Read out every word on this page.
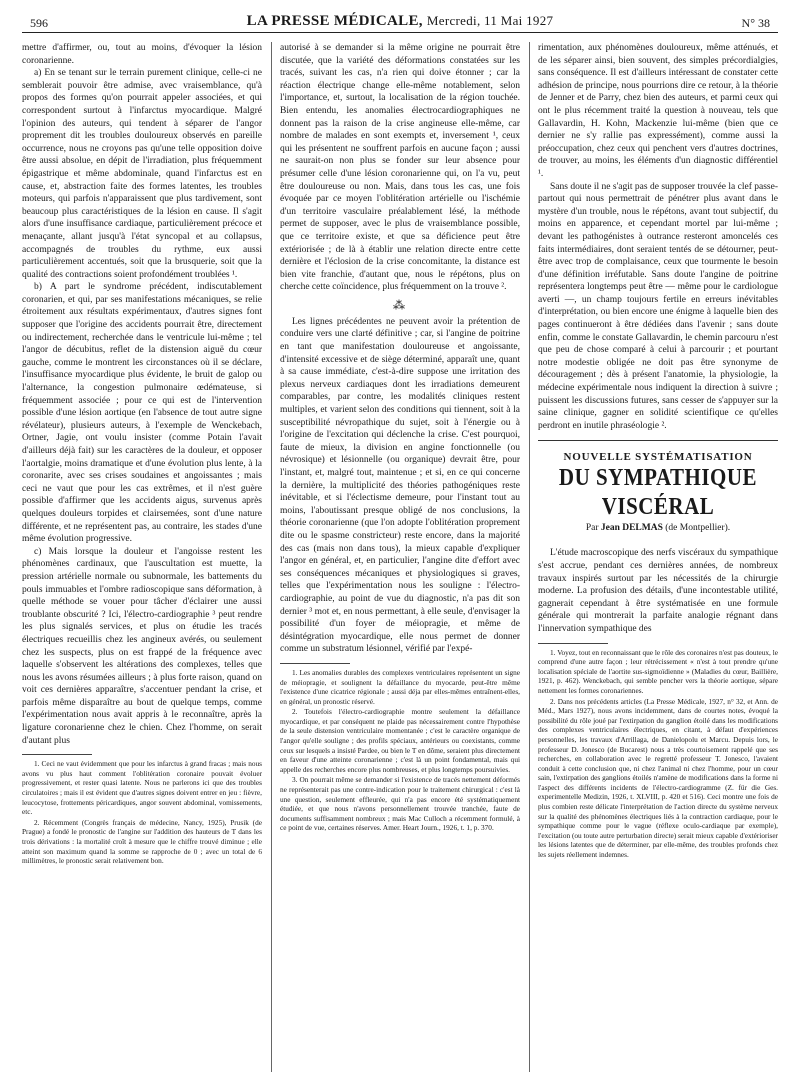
596	LA PRESSE MÉDICALE, Mercredi, 11 Mai 1927	N° 38

mettre d'affirmer, ou, tout au moins, d'évoquer la lésion coronarienne.

a) En se tenant sur le terrain purement clinique, celle-ci ne semblerait pouvoir être admise, avec vraisemblance, qu'à propos des formes qu'on pourrait appeler associées, et qui correspondent surtout à l'infarctus myocardique. Malgré l'opinion des auteurs, qui tendent à séparer de l'angor proprement dit les troubles douloureux observés en pareille occurrence, nous ne croyons pas qu'une telle opposition doive être aussi absolue, en dépit de l'irradiation, plus fréquemment épigastrique et même abdominale, quand l'infarctus est en cause, et, abstraction faite des formes latentes, les troubles moteurs, qui parfois n'apparaissent que plus tardivement, sont beaucoup plus caractéristiques de la lésion en cause. Il s'agit alors d'une insuffisance cardiaque, particulièrement précoce et menaçante, allant jusqu'à l'état syncopal et au collapsus, accompagnés de troubles du rythme, eux aussi particulièrement accentués, soit que la brusquerie, soit que la qualité des contractions soient profondément troublées ¹.

b) A part le syndrome précédent, indiscutablement coronarien, et qui, par ses manifestations mécaniques, se relie étroitement aux résultats expérimentaux, d'autres signes font supposer que l'origine des accidents pourrait être, directement ou indirectement, recherchée dans le ventricule lui-même ; tel l'angor de décubitus, reflet de la distension aiguë du cœur gauche, comme le montrent les circonstances où il se déclare, l'insuffisance myocardique plus évidente, le bruit de galop ou l'alternance, la congestion pulmonaire œdémateuse, si fréquemment associée ; pour ce qui est de l'intervention possible d'une lésion aortique (en l'absence de tout autre signe révélateur), plusieurs auteurs, à l'exemple de Wenckebach, Ortner, Jagie, ont voulu insister (comme Potain l'avait d'ailleurs déjà fait) sur les caractères de la douleur, et opposer l'aortalgie, moins dramatique et d'une évolution plus lente, à la coronarite, avec ses crises soudaines et angoissantes ; mais ceci ne vaut que pour les cas extrêmes, et il n'est guère possible d'affirmer que les accidents aigus, survenus après quelques douleurs torpides et clairsemées, sont d'une nature différente, et ne représentent pas, au contraire, les stades d'une même évolution progressive.

c) Mais lorsque la douleur et l'angoisse restent les phénomènes cardinaux, que l'auscultation est muette, la pression artérielle normale ou subnormale, les battements du pouls immuables et l'ombre radioscopique sans déformation, à quelle méthode se vouer pour tâcher d'éclairer une aussi troublante obscurité ? Ici, l'électro-cardiographie ³ peut rendre les plus signalés services, et plus on étudie les tracés électriques recueillis chez les angineux avérés, ou seulement chez les suspects, plus on est frappé de la fréquence avec laquelle s'observent les altérations des complexes, telles que nous les avons résumées ailleurs ; à plus forte raison, quand on voit ces dernières apparaître, s'accentuer pendant la crise, et parfois même disparaître au bout de quelque temps, comme l'expérimentation nous avait appris à le reconnaître, après la ligature coronarienne chez le chien. Chez l'homme, on serait d'autant plus

1. Ceci ne vaut évidemment que pour les infarctus à grand fracas ; mais nous avons vu plus haut comment l'oblitération coronaire pouvait évoluer progressivement, et rester quasi latente. Nous ne parlerons ici que des troubles circulatoires ; mais il est évident que d'autres signes doivent entrer en jeu : fièvre, leucocytose, frottements péricardiques, angor souvent abdominal, vomissements, etc.

2. Récemment (Congrès français de médecine, Nancy, 1925), Prusik (de Prague) a fondé le pronostic de l'angine sur l'addition des hauteurs de T dans les trois dérivations : la mortalité croît à mesure que le chiffre trouvé diminue ; elle atteint son maximum quand la somme se rapproche de 0 ; avec un total de 6 millimètres, le pronostic serait relativement bon.

autorisé à se demander si la même origine ne pourrait être discutée, que la variété des déformations constatées sur les tracés, suivant les cas, n'a rien qui doive étonner ; car la réaction électrique change elle-même notablement, selon l'importance, et, surtout, la localisation de la région touchée. Bien entendu, les anomalies électrocardiographiques ne donnent pas la raison de la crise angineuse elle-même, car nombre de malades en sont exempts et, inversement ¹, ceux qui les présentent ne souffrent parfois en aucune façon ; aussi ne saurait-on non plus se fonder sur leur absence pour présumer celle d'une lésion coronarienne qui, on l'a vu, peut être douloureuse ou non. Mais, dans tous les cas, une fois évoquée par ce moyen l'oblitération artérielle ou l'ischémie d'un territoire vasculaire préalablement lésé, la méthode permet de supposer, avec le plus de vraisemblance possible, que ce territoire existe, et que sa déficience peut être extériorisée ; de là à établir une relation directe entre cette dernière et l'éclosion de la crise concomitante, la distance est bien vite franchie, d'autant que, nous le répétons, plus on cherche cette coïncidence, plus fréquemment on la trouve ².

⁂

Les lignes précédentes ne peuvent avoir la prétention de conduire vers une clarté définitive ; car, si l'angine de poitrine en tant que manifestation douloureuse et angoissante, d'intensité excessive et de siège déterminé, apparaît une, quant à sa cause immédiate, c'est-à-dire suppose une irritation des plexus nerveux cardiaques dont les irradiations demeurent comparables, par contre, les modalités cliniques restent multiples, et varient selon des conditions qui tiennent, soit à la susceptibilité névropathique du sujet, soit à l'énergie ou à l'origine de l'excitation qui déclenche la crise. C'est pourquoi, faute de mieux, la division en angine fonctionnelle (ou névrosique) et lésionnelle (ou organique) devrait être, pour l'instant, et, malgré tout, maintenue ; et si, en ce qui concerne la dernière, la multiplicité des théories pathogéniques reste inévitable, et si l'éclectisme demeure, pour l'instant tout au moins, l'aboutissant presque obligé de nos conclusions, la théorie coronarienne (que l'on adopte l'oblitération proprement dite ou le spasme constricteur) reste encore, dans la majorité des cas (mais non dans tous), la mieux capable d'expliquer l'angor en général, et, en particulier, l'angine dite d'effort avec ses conséquences mécaniques et physiologiques si graves, telles que l'expérimentation nous les souligne : l'électro-cardiographie, au point de vue du diagnostic, n'a pas dit son dernier ³ mot et, en nous permettant, à elle seule, d'envisager la possibilité d'un foyer de méiopragie, et même de désintégration myocardique, elle nous permet de donner comme un substratum lésionnel, vérifié par l'expé-

1. Les anomalies durables des complexes ventriculaires représentent un signe de méiopragie, et soulignent la défaillance du myocarde, peut-être même l'existence d'une cicatrice régionale ; aussi déja par elles-mêmes entraînent-elles, en général, un pronostic réservé.

2. Toutefois l'électro-cardiographie montre seulement la défaillance myocardique, et par conséquent ne plaide pas nécessairement contre l'hypothèse de la seule distension ventriculaire momentanée ; c'est le caractère organique de l'angor qu'elle souligne ; des profils spéciaux, antérieurs ou coexistants, comme ceux sur lesquels a insisté Pardee, ou bien le T en dôme, seraient plus directement en faveur d'une atteinte coronarienne ; c'est là un point fondamental, mais qui appelle des recherches encore plus nombreuses, et plus longtemps poursuivies.

3. On pourrait même se demander si l'existence de tracés nettement déformés ne représenterait pas une contre-indication pour le traitement chirurgical : c'est là une question, seulement effleurée, qui n'a pas encore été systématiquement étudiée, et que nous n'avons personnellement trouvée tranchée, faute de documents suffisamment nombreux ; mais Mac Culloch a récemment formulé, à ce point de vue, certaines réserves. Amer. Heart Journ., 1926, t. 1, p. 370.

rimentation, aux phénomènes douloureux, même atténués, et de les séparer ainsi, bien souvent, des simples précordialgies, sans conséquence. Il est d'ailleurs intéressant de constater cette adhésion de principe, nous pourrions dire ce retour, à la théorie de Jenner et de Parry, chez bien des auteurs, et parmi ceux qui ont le plus récemment traité la question à nouveau, tels que Gallavardin, H. Kohn, Mackenzie lui-même (bien que ce dernier ne s'y rallie pas expressément), comme aussi la préoccupation, chez ceux qui penchent vers d'autres doctrines, de trouver, au moins, les éléments d'un diagnostic différentiel ¹.

Sans doute il ne s'agit pas de supposer trouvée la clef passe-partout qui nous permettrait de pénétrer plus avant dans le mystère d'un trouble, nous le répétons, avant tout subjectif, du moins en apparence, et cependant mortel par lui-même ; devant les pathogénistes à outrance resteront amoncelés ces faits intermédiaires, dont seraient tentés de se détourner, peut-être avec trop de complaisance, ceux que tourmente le besoin d'une définition irréfutable. Sans doute l'angine de poitrine représentera longtemps peut être — même pour le cardiologue averti —, un champ toujours fertile en erreurs inévitables d'interprétation, ou bien encore une énigme à laquelle bien des pages continueront à être dédiées dans l'avenir ; sans doute enfin, comme le constate Gallavardin, le chemin parcouru n'est que peu de chose comparé à celui à parcourir ; et pourtant notre modestie obligée ne doit pas être synonyme de découragement ; dès à présent l'anatomie, la physiologie, la médecine expérimentale nous indiquent la direction à suivre ; puissent les discussions futures, sans cesser de s'appuyer sur la saine clinique, gagner en solidité scientifique ce qu'elles perdront en inutile phraséologie ².

NOUVELLE SYSTÉMATISATION
DU SYMPATHIQUE VISCÉRAL
Par Jean DELMAS (de Montpellier).

L'étude macroscopique des nerfs viscéraux du sympathique s'est accrue, pendant ces dernières années, de nombreux travaux inspirés surtout par les nécessités de la chirurgie moderne. La profusion des détails, d'une incontestable utilité, gagnerait cependant à être systématisée en une formule générale qui montrerait la parfaite analogie régnant dans l'innervation sympathique des

1. Voyez, tout en reconnaissant que le rôle des coronaires n'est pas douteux, le comprend d'une autre façon ; leur rétrécissement « n'est à tout prendre qu'une localisation spéciale de l'aortite sus-sigmoïdienne » (Maladies du cœur, Baillière, 1921, p. 462). Wenckebach, qui semble pencher vers la théorie aortique, sépare nettement les formes coronariennes.

2. Dans nos précédents articles (La Presse Médicale, 1927, n° 32, et Ann. de Méd., Mars 1927), nous avons incidemment, dans de courtes notes, évoqué la possibilité du rôle joué par l'extirpation du ganglion étoilé dans les modifications des complexes ventriculaires électriques, en citant, à défaut d'expériences personnelles, les travaux d'Arrillaga, de Danielopolu et Marcu. Depuis lors, le professeur D. Jonesco (de Bucarest) nous a très courtoisement rappelé que ses recherches, en collaboration avec le regretté professeur T. Jonesco, l'avaient conduit à cette conclusion que, ni chez l'animal ni chez l'homme, pour un cœur sain, l'extirpation des ganglions étoilés n'amène de modifications dans la forme ni l'aspect des différents incidents de l'électro-cardiogramme (Z. für die Ges. experimentelle Medizin, 1926, t. XLVIII, p. 420 et 516). Ceci montre une fois de plus combien reste délicate l'interprétation de l'action directe du système nerveux sur la qualité des phénomènes électriques liés à la contraction cardiaque, pour le sympathique comme pour le vague (réflexe oculo-cardiaque par exemple), l'excitation (ou toute autre perturbation directe) serait mieux capable d'extérioriser les lésions latentes que de déterminer, par elle-même, des troubles profonds chez les sujets réellement indemnes.
